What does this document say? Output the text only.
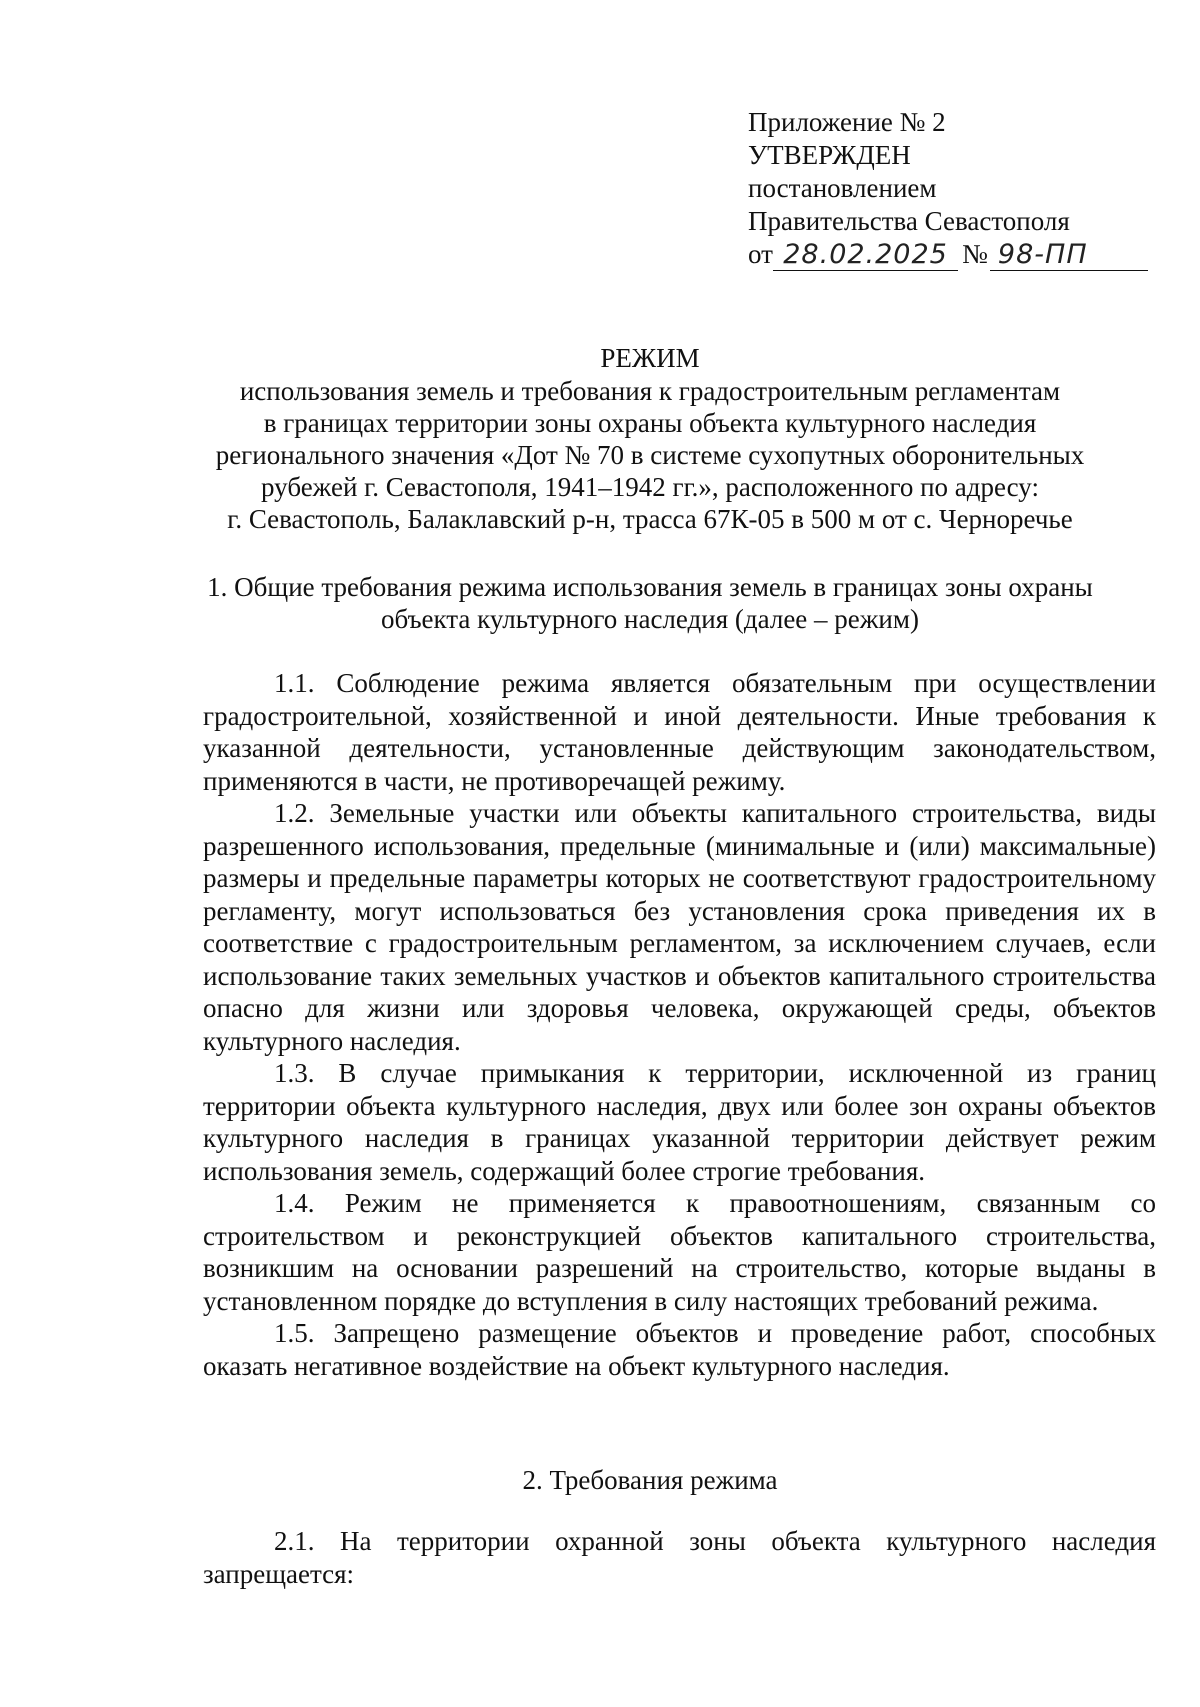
Приложение № 2
УТВЕРЖДЕН
постановлением
Правительства Севастополя
от 28.02.2025 № 98-ПП
РЕЖИМ
использования земель и требования к градостроительным регламентам
в границах территории зоны охраны объекта культурного наследия
регионального значения «Дот № 70 в системе сухопутных оборонительных
рубежей г. Севастополя, 1941–1942 гг.», расположенного по адресу:
г. Севастополь, Балаклавский р-н, трасса 67К-05 в 500 м от с. Черноречье
1. Общие требования режима использования земель в границах зоны охраны
объекта культурного наследия (далее – режим)

1.1. Соблюдение режима является обязательным при осуществлении градостроительной, хозяйственной и иной деятельности. Иные требования к указанной деятельности, установленные действующим законодательством, применяются в части, не противоречащей режиму.

1.2. Земельные участки или объекты капитального строительства, виды разрешенного использования, предельные (минимальные и (или) максимальные) размеры и предельные параметры которых не соответствуют градостроительному регламенту, могут использоваться без установления срока приведения их в соответствие с градостроительным регламентом, за исключением случаев, если использование таких земельных участков и объектов капитального строительства опасно для жизни или здоровья человека, окружающей среды, объектов культурного наследия.

1.3. В случае примыкания к территории, исключенной из границ территории объекта культурного наследия, двух или более зон охраны объектов культурного наследия в границах указанной территории действует режим использования земель, содержащий более строгие требования.

1.4. Режим не применяется к правоотношениям, связанным со строительством и реконструкцией объектов капитального строительства, возникшим на основании разрешений на строительство, которые выданы в установленном порядке до вступления в силу настоящих требований режима.

1.5. Запрещено размещение объектов и проведение работ, способных оказать негативное воздействие на объект культурного наследия.

2. Требования режима

2.1. На территории охранной зоны объекта культурного наследия запрещается:
